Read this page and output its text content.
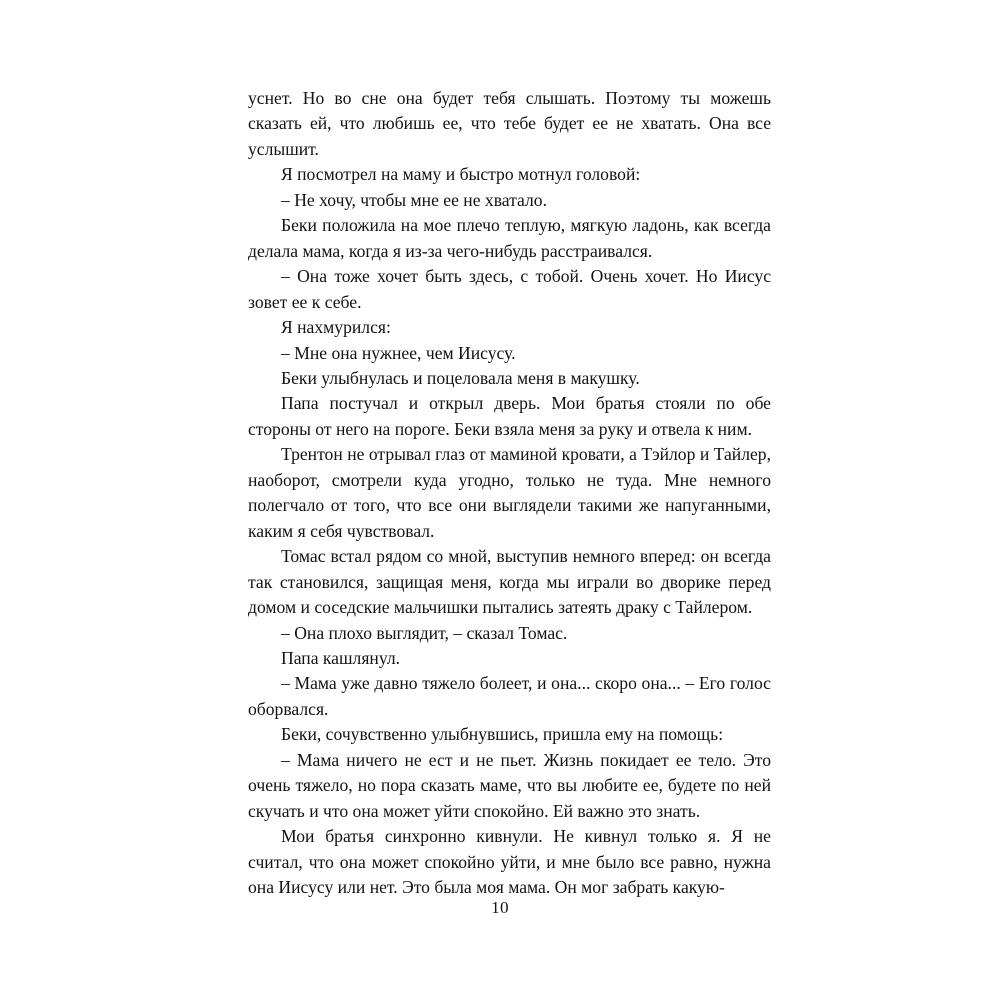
уснет. Но во сне она будет тебя слышать. Поэтому ты можешь сказать ей, что любишь ее, что тебе будет ее не хватать. Она все услышит.

Я посмотрел на маму и быстро мотнул головой:

– Не хочу, чтобы мне ее не хватало.

Беки положила на мое плечо теплую, мягкую ладонь, как всегда делала мама, когда я из-за чего-нибудь расстраивался.

– Она тоже хочет быть здесь, с тобой. Очень хочет. Но Иисус зовет ее к себе.

Я нахмурился:

– Мне она нужнее, чем Иисусу.

Беки улыбнулась и поцеловала меня в макушку.

Папа постучал и открыл дверь. Мои братья стояли по обе стороны от него на пороге. Беки взяла меня за руку и отвела к ним.

Трентон не отрывал глаз от маминой кровати, а Тэйлор и Тайлер, наоборот, смотрели куда угодно, только не туда. Мне немного полегчало от того, что все они выглядели такими же напуганными, каким я себя чувствовал.

Томас встал рядом со мной, выступив немного вперед: он всегда так становился, защищая меня, когда мы играли во дворике перед домом и соседские мальчишки пытались затеять драку с Тайлером.

– Она плохо выглядит, – сказал Томас.

Папа кашлянул.

– Мама уже давно тяжело болеет, и она... скоро она... – Его голос оборвался.

Беки, сочувственно улыбнувшись, пришла ему на помощь:

– Мама ничего не ест и не пьет. Жизнь покидает ее тело. Это очень тяжело, но пора сказать маме, что вы любите ее, будете по ней скучать и что она может уйти спокойно. Ей важно это знать.

Мои братья синхронно кивнули. Не кивнул только я. Я не считал, что она может спокойно уйти, и мне было все равно, нужна она Иисусу или нет. Это была моя мама. Он мог забрать какую-

10
